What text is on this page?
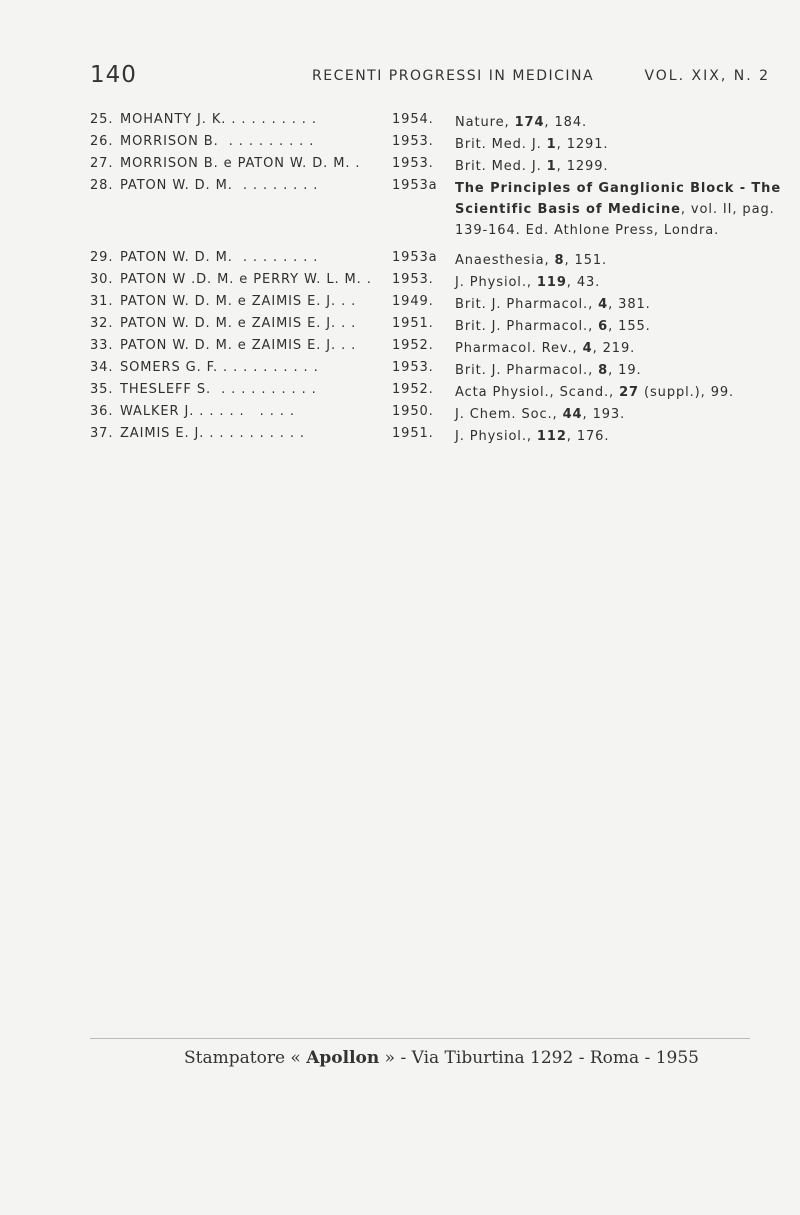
140	RECENTI PROGRESSI IN MEDICINA	VOL. XIX, N. 2
25. MOHANTY J. K. . . . . . . . . .	1954. Nature, 174, 184.
26. MORRISON B.  . . . . . . . . .	1953. Brit. Med. J. 1, 1291.
27. MORRISON B. e PATON W. D. M. . 1953. Brit. Med. J. 1, 1299.
28. PATON W. D. M.  . . . . . . . .	1953a The Principles of Ganglionic Block - The Scientific Basis of Medicine, vol. II, pag. 139-164. Ed. Athlone Press, Londra.
29. PATON W. D. M.  . . . . . . . .	1953a Anaesthesia, 8, 151.
30. PATON W .D. M. e PERRY W. L. M. . 1953. J. Physiol., 119, 43.
31. PATON W. D. M. e ZAIMIS E. J. . .	1949. Brit. J. Pharmacol., 4, 381.
32. PATON W. D. M. e ZAIMIS E. J. . .	1951. Brit. J. Pharmacol., 6, 155.
33. PATON W. D. M. e ZAIMIS E. J. . .	1952. Pharmacol. Rev., 4, 219.
34. SOMERS G. F. . . . . . . . . . .	1953. Brit. J. Pharmacol., 8, 19.
35. THESLEFF S.  . . . . . . . . . .	1952. Acta Physiol., Scand., 27 (suppl.), 99.
36. WALKER J. . . . . .   . . . .	1950. J. Chem. Soc., 44, 193.
37. ZAIMIS E. J. . . . . . . . . . .	1951. J. Physiol., 112, 176.
Stampatore « Apollon » - Via Tiburtina 1292 - Roma - 1955
